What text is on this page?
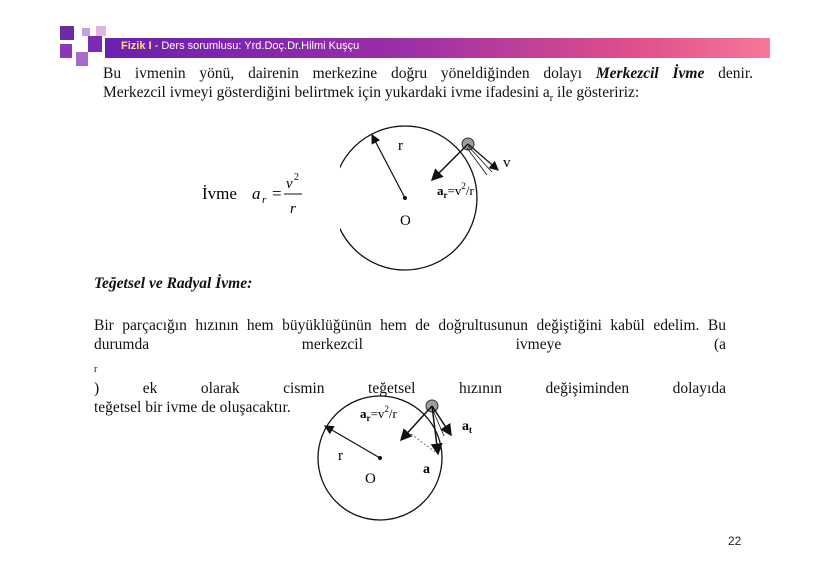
Fizik I - Ders sorumlusu: Yrd.Doç.Dr.Hilmi Kuşçu
Bu ivmenin yönü, dairenin merkezine doğru yöneldiğinden dolayı Merkezcil İvme denir.
Merkezcil ivmeyi gösterdiğini belirtmek için yukardaki ivme ifadesini $a_r$ ile gösteririz:
İvme a r = v 2
r
r
v
$a_r=v^2/r$
O
Teğetsel ve Radyal İvme:
Bir parçacığın hızının hem büyüklüğünün hem de doğrultusunun değiştiğini kabül edelim. Bu
durumda merkezcil ivmeye (a
$_r$
) ek olarak cismin teğetsel hızının değişiminden dolayıda
teğetsel bir ivme de oluşacaktır.	$a_r=v^2/r$
$a_t$
a
r
O
22
